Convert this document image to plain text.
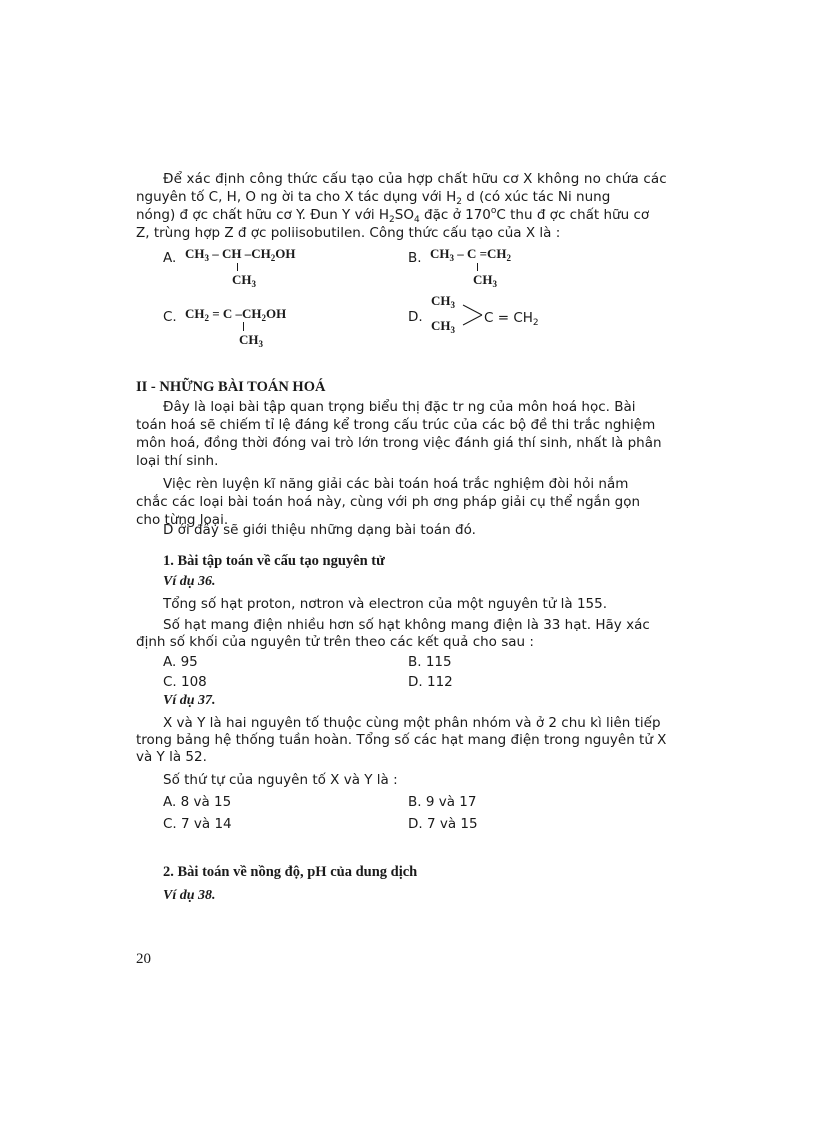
Để xác định công thức cấu tạo của hợp chất hữu cơ X không no chứa các
nguyên tố C, H, O ng ời ta cho X tác dụng với $H_2$ d (có xúc tác Ni nung
nóng) đ ợc chất hữu cơ Y. Đun Y với $H_2SO_4$ đặc ở 170$^o$C thu đ ợc chất hữu cơ
Z, trùng hợp Z đ ợc poliisobutilen. Công thức cấu tạo của X là :
A. $CH_3$ – CH $-CH_2OH$
$CH_3$
B. $CH_3 - C =CH_2$
$CH_3$
C. $CH_2 = C$ $-CH_2OH$
$CH_3$
D.
$CH_3$
$CH_3$
$C = CH_2$
II - NHỮNG BÀI TOÁN HOÁ
Đây là loại bài tập quan trọng biểu thị đặc tr ng của môn hoá học. Bài
toán hoá sẽ chiếm tỉ lệ đáng kể trong cấu trúc của các bộ đề thi trắc nghiệm
môn hoá, đồng thời đóng vai trò lớn trong việc đánh giá thí sinh, nhất là phân
loại thí sinh.
Việc rèn luyện kĩ năng giải các bài toán hoá trắc nghiệm đòi hỏi nắm
chắc các loại bài toán hoá này, cùng với ph ơng pháp giải cụ thể ngắn gọn
cho từng loại.
D ới đây sẽ giới thiệu những dạng bài toán đó.
1. Bài tập toán về cấu tạo nguyên tử
Ví dụ 36.
Tổng số hạt proton, nơtron và electron của một nguyên tử là 155.
Số hạt mang điện nhiều hơn số hạt không mang điện là 33 hạt. Hãy xác
định số khối của nguyên tử trên theo các kết quả cho sau :
A. 95	B. 115
C. 108	D. 112
Ví dụ 37.
X và Y là hai nguyên tố thuộc cùng một phân nhóm và ở 2 chu kì liên tiếp
trong bảng hệ thống tuần hoàn. Tổng số các hạt mang điện trong nguyên tử X
và Y là 52.
Số thứ tự của nguyên tố X và Y là :
A. 8 và 15	B. 9 và 17
C. 7 và 14	D. 7 và 15
2. Bài toán về nồng độ, pH của dung dịch
Ví dụ 38.
20
